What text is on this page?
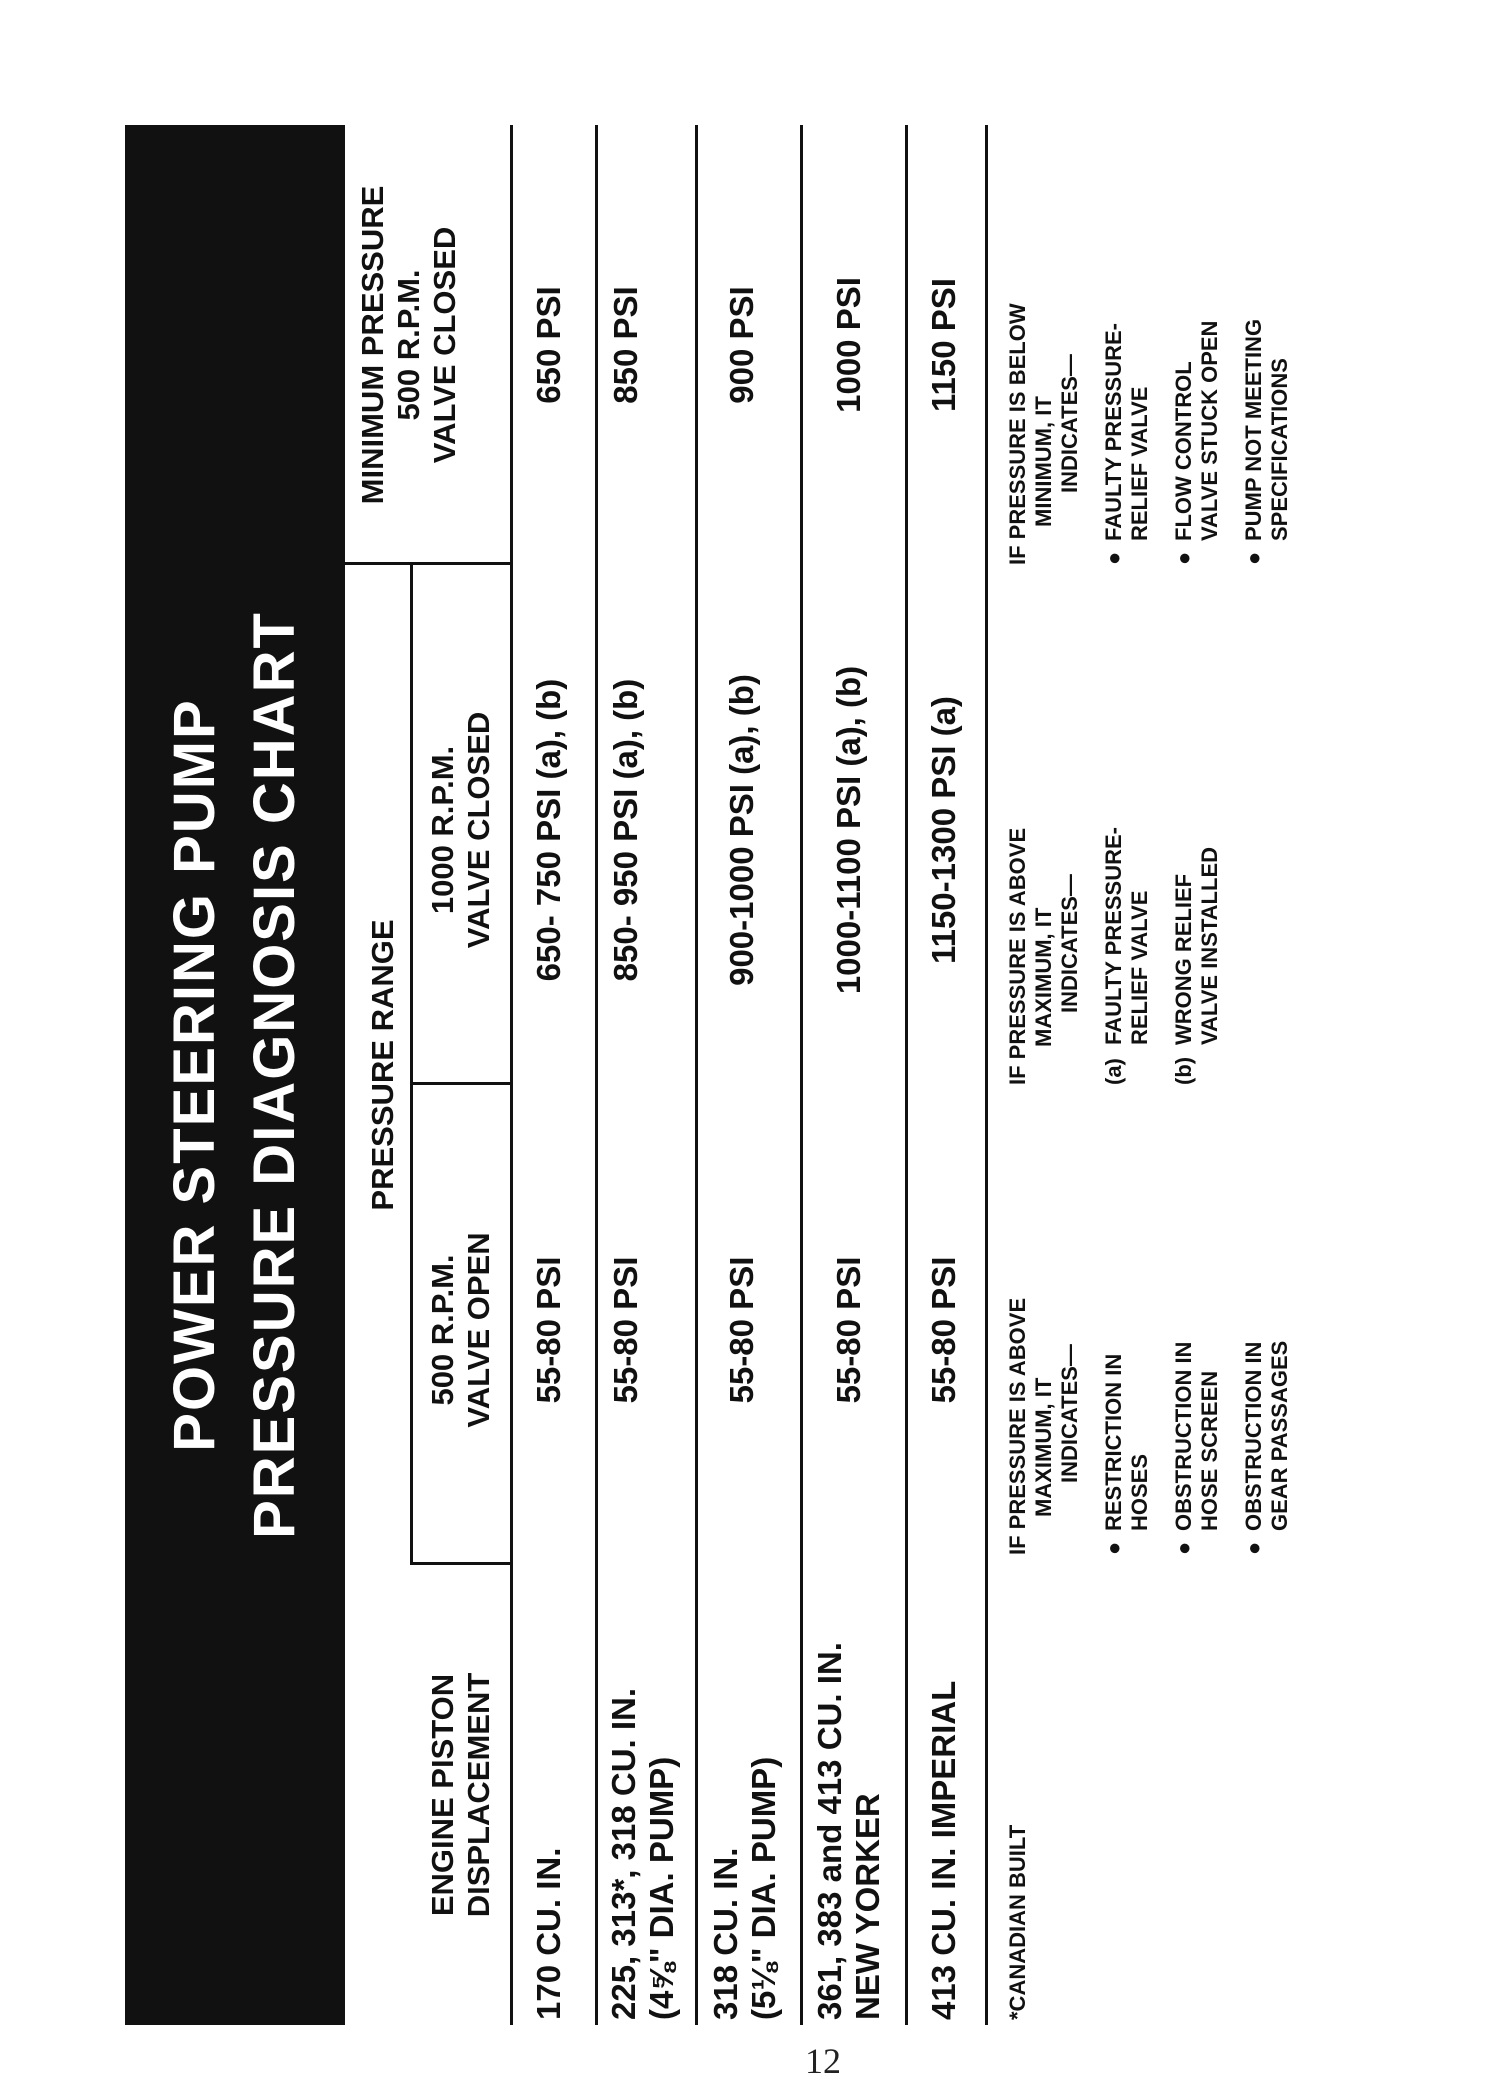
POWER STEERING PUMP PRESSURE DIAGNOSIS CHART
ENGINE PISTON DISPLACEMENT
PRESSURE RANGE
500 R.P.M. VALVE OPEN
1000 R.P.M. VALVE CLOSED
MINIMUM PRESSURE 500 R.P.M. VALVE CLOSED
170 CU. IN.
55-80 PSI
650- 750 PSI (a), (b)
650 PSI
225, 313*, 318 CU. IN. (4⅝" DIA. PUMP)
55-80 PSI
850- 950 PSI (a), (b)
850 PSI
318 CU. IN. (5⅛" DIA. PUMP)
55-80 PSI
900-1000 PSI (a), (b)
900 PSI
361, 383 and 413 CU. IN. NEW YORKER
55-80 PSI
1000-1100 PSI (a), (b)
1000 PSI
413 CU. IN. IMPERIAL
55-80 PSI
1150-1300 PSI (a)
1150 PSI
*CANADIAN BUILT
IF PRESSURE IS ABOVE MAXIMUM, IT INDICATES—
●RESTRICTION IN
HOSES
●OBSTRUCTION IN
HOSE SCREEN
●OBSTRUCTION IN
GEAR PASSAGES
IF PRESSURE IS ABOVE MAXIMUM, IT INDICATES—
(a)FAULTY PRESSURE-
RELIEF VALVE
(b)WRONG RELIEF
VALVE INSTALLED
IF PRESSURE IS BELOW MINIMUM, IT INDICATES—
●FAULTY PRESSURE-
RELIEF VALVE
●FLOW CONTROL
VALVE STUCK OPEN
●PUMP NOT MEETING
SPECIFICATIONS
12
